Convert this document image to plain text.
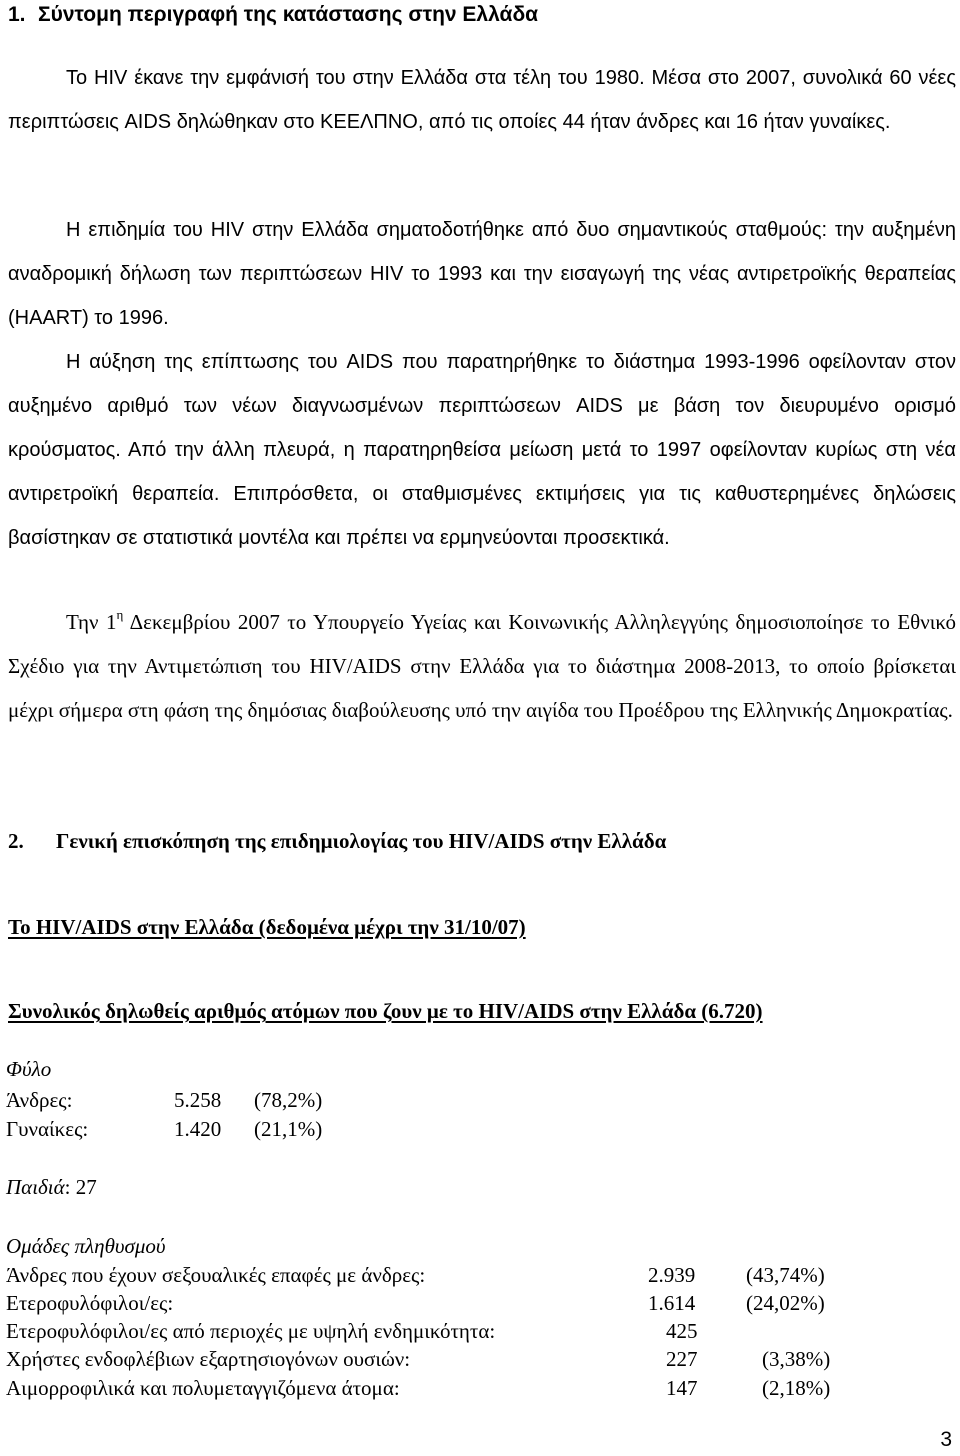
1. Σύντομη περιγραφή της κατάστασης στην Ελλάδα
Το HIV έκανε την εμφάνισή του στην Ελλάδα στα τέλη του 1980. Μέσα στο 2007, συνολικά 60 νέες περιπτώσεις AIDS δηλώθηκαν στο ΚΕΕΛΠΝΟ, από τις οποίες 44 ήταν άνδρες και 16 ήταν γυναίκες.
Η επιδημία του HIV στην Ελλάδα σηματοδοτήθηκε από δυο σημαντικούς σταθμούς: την αυξημένη αναδρομική δήλωση των περιπτώσεων HIV το 1993 και την εισαγωγή της νέας αντιρετροϊκής θεραπείας (HAART) το 1996.
Η αύξηση της επίπτωσης του AIDS που παρατηρήθηκε το διάστημα 1993-1996 οφείλονταν στον αυξημένο αριθμό των νέων διαγνωσμένων περιπτώσεων AIDS με βάση τον διευρυμένο ορισμό κρούσματος. Από την άλλη πλευρά, η παρατηρηθείσα μείωση μετά το 1997 οφείλονταν κυρίως στη νέα αντιρετροϊκή θεραπεία. Επιπρόσθετα, οι σταθμισμένες εκτιμήσεις για τις καθυστερημένες δηλώσεις βασίστηκαν σε στατιστικά μοντέλα και πρέπει να ερμηνεύονται προσεκτικά.
Την $1^\eta$ Δεκεμβρίου 2007 το Υπουργείο Υγείας και Κοινωνικής Αλληλεγγύης δημοσιοποίησε το Εθνικό Σχέδιο για την Αντιμετώπιση του HIV/AIDS στην Ελλάδα για το διάστημα 2008-2013, το οποίο βρίσκεται μέχρι σήμερα στη φάση της δημόσιας διαβούλευσης υπό την αιγίδα του Προέδρου της Ελληνικής Δημοκρατίας.
2. Γενική επισκόπηση της επιδημιολογίας του HIV/AIDS στην Ελλάδα
Το HIV/AIDS στην Ελλάδα (δεδομένα μέχρι την 31/10/07)
Συνολικός δηλωθείς αριθμός ατόμων που ζουν με το HIV/AIDS στην Ελλάδα (6.720)
Φύλο
Άνδρες:	5.258 (78,2%)
Γυναίκες:	1.420 (21,1%)
Παιδιά: 27
Ομάδες πληθυσμού
Άνδρες που έχουν σεξουαλικές επαφές με άνδρες:	2.939 (43,74%)
Ετεροφυλόφιλοι/ες:	1.614 (24,02%)
Ετεροφυλόφιλοι/ες από περιοχές με υψηλή ενδημικότητα:	425
Χρήστες ενδοφλέβιων εξαρτησιογόνων ουσιών:	227	(3,38%)
Αιμορροφιλικά και πολυμεταγγιζόμενα άτομα:	147	(2,18%)
3
